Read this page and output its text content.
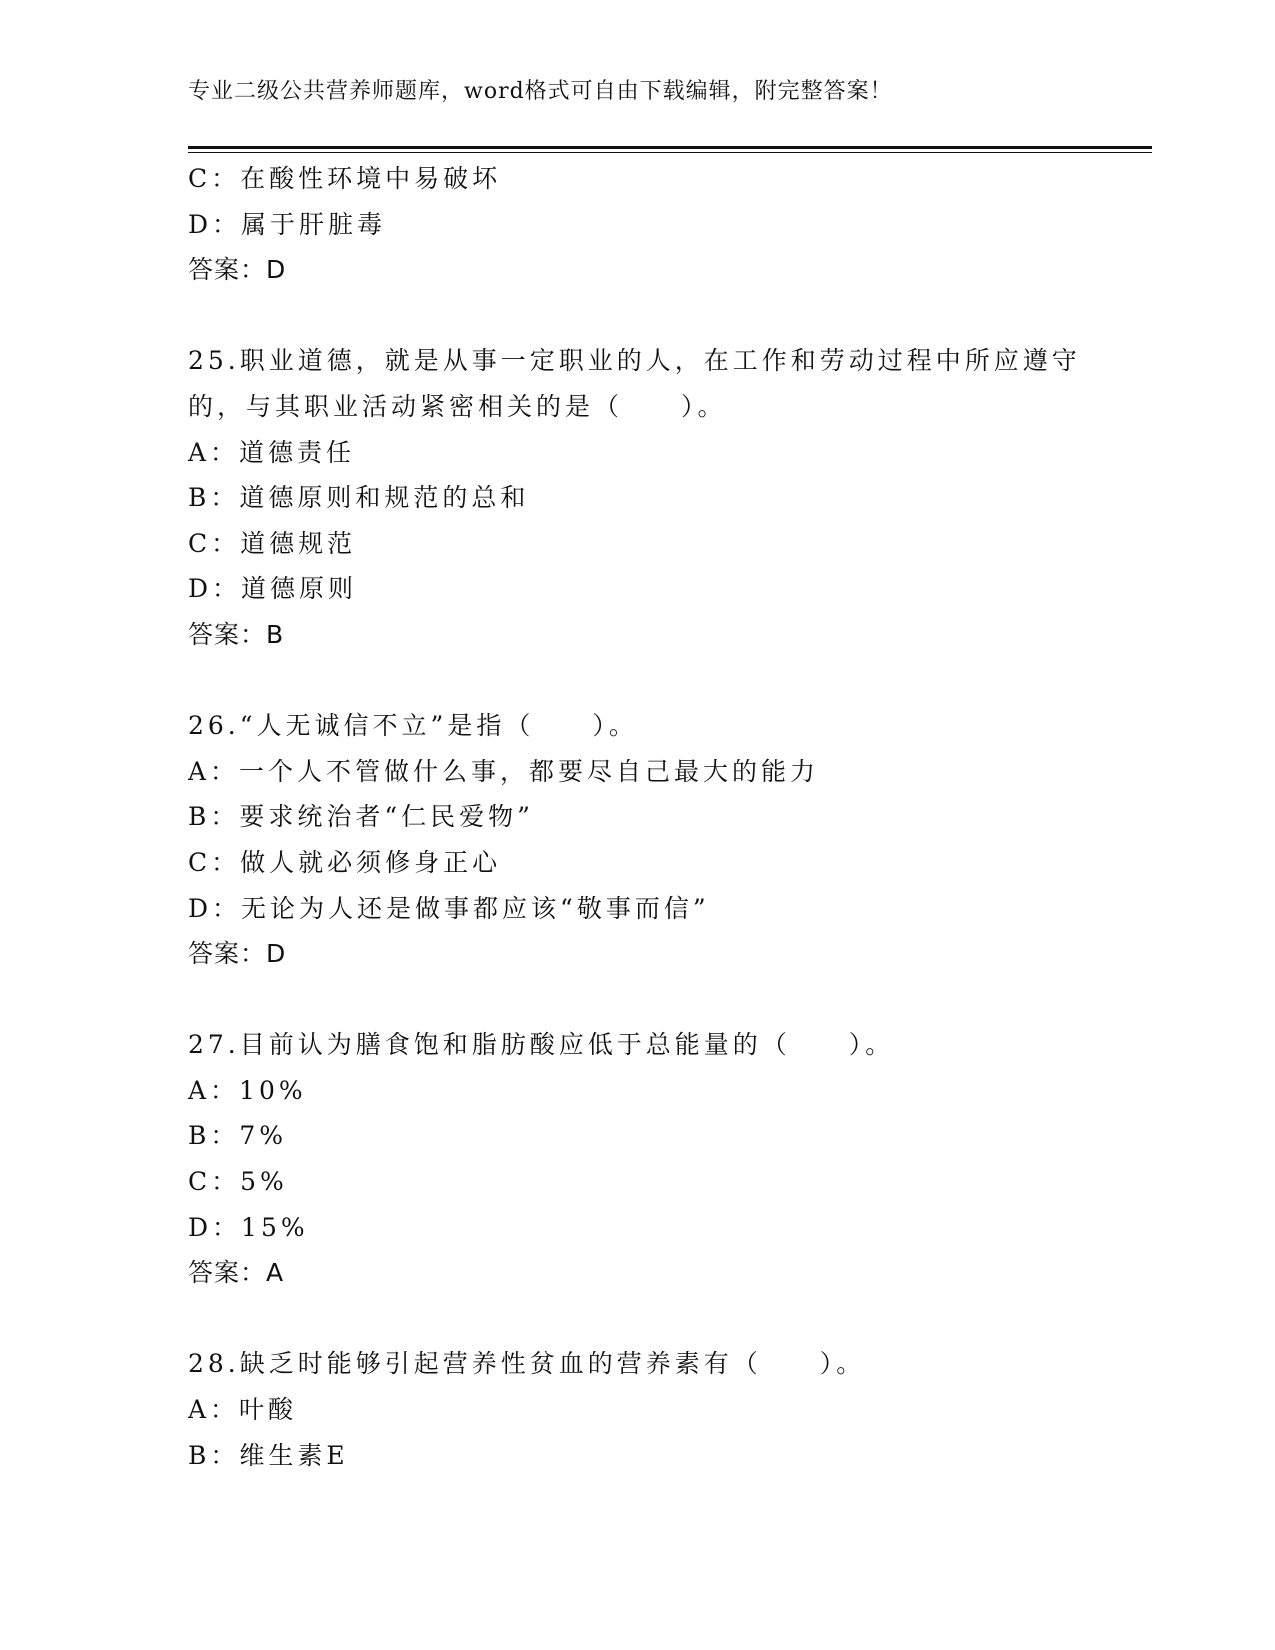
专业二级公共营养师题库，word格式可自由下载编辑，附完整答案！
C：在酸性环境中易破坏
D：属于肝脏毒
答案：D
25.职业道德，就是从事一定职业的人，在工作和劳动过程中所应遵守
的，与其职业活动紧密相关的是（　　）。
A：道德责任
B：道德原则和规范的总和
C：道德规范
D：道德原则
答案：B
26.“人无诚信不立”是指（　　）。
A：一个人不管做什么事，都要尽自己最大的能力
B：要求统治者“仁民爱物”
C：做人就必须修身正心
D：无论为人还是做事都应该“敬事而信”
答案：D
27.目前认为膳食饱和脂肪酸应低于总能量的（　　）。
A：10%
B：7%
C：5%
D：15%
答案：A
28.缺乏时能够引起营养性贫血的营养素有（　　）。
A：叶酸
B：维生素E
